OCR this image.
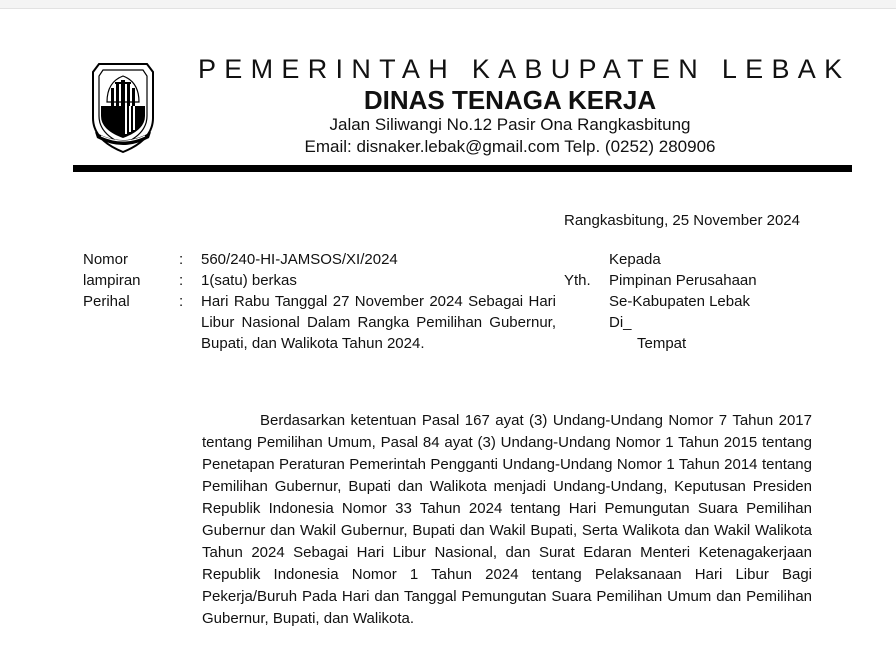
PEMERINTAH KABUPATEN LEBAK
DINAS TENAGA KERJA
Jalan Siliwangi No.12 Pasir Ona Rangkasbitung
Email: disnaker.lebak@gmail.com Telp. (0252) 280906
Rangkasbitung, 25 November 2024
Nomor	:	560/240-HI-JAMSOS/XI/2024
lampiran	:	1(satu) berkas
Perihal	:	Hari Rabu Tanggal 27 November 2024 Sebagai Hari Libur Nasional Dalam Rangka Pemilihan Gubernur, Bupati, dan Walikota Tahun 2024.
Kepada
Yth.	Pimpinan Perusahaan
Se-Kabupaten Lebak
Di_
Tempat

Berdasarkan ketentuan Pasal 167 ayat (3) Undang-Undang Nomor 7 Tahun 2017 tentang Pemilihan Umum, Pasal 84 ayat (3) Undang-Undang Nomor 1 Tahun 2015 tentang Penetapan Peraturan Pemerintah Pengganti Undang-Undang Nomor 1 Tahun 2014 tentang Pemilihan Gubernur, Bupati dan Walikota menjadi Undang-Undang, Keputusan Presiden Republik Indonesia Nomor 33 Tahun 2024 tentang Hari Pemungutan Suara Pemilihan Gubernur dan Wakil Gubernur, Bupati dan Wakil Bupati, Serta Walikota dan Wakil Walikota Tahun 2024 Sebagai Hari Libur Nasional, dan Surat Edaran Menteri Ketenagakerjaan Republik Indonesia Nomor 1 Tahun 2024 tentang Pelaksanaan Hari Libur Bagi Pekerja/Buruh Pada Hari dan Tanggal Pemungutan Suara Pemilihan Umum dan Pemilihan Gubernur, Bupati, dan Walikota.
